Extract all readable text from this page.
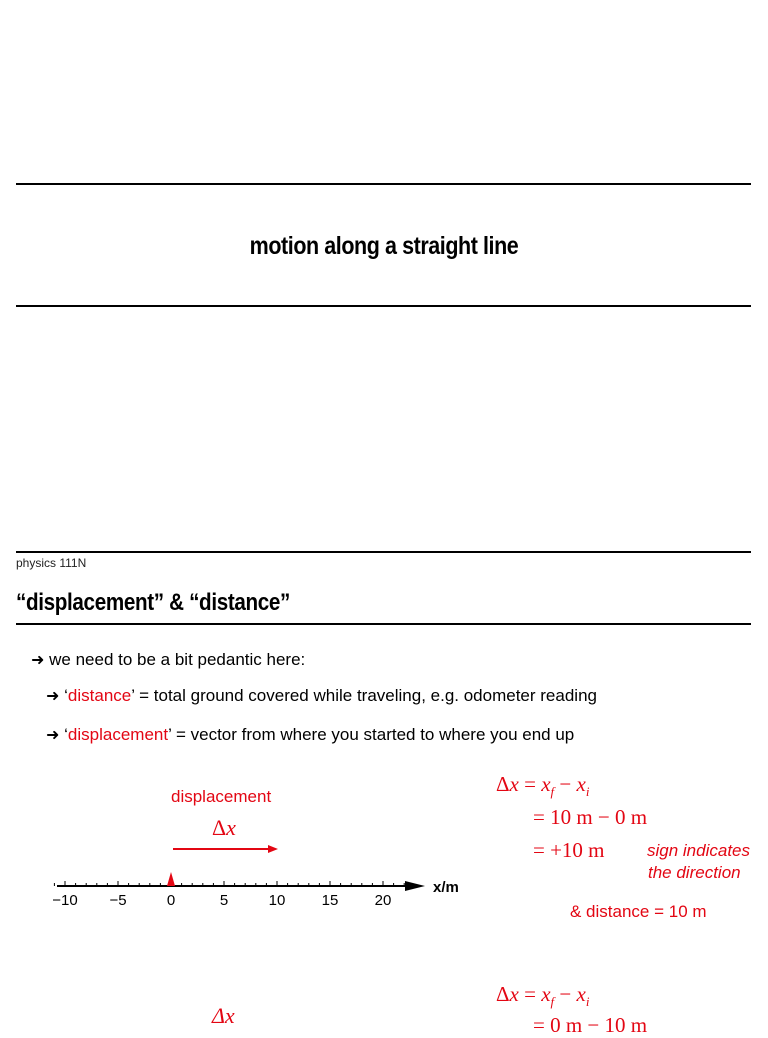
motion along a straight line
physics 111N
“displacement” & “distance”
➜ we need to be a bit pedantic here:
➜ ‘distance’ = total ground covered while traveling, e.g. odometer reading
➜ ‘displacement’ = vector from where you started to where you end up
displacement
Δx
−10 −5	0	5	10 15 20
x/m
$\Delta x = x_f - x_i$
= 10 m − 0 m
= +10 m sign indicates
the direction
& distance = 10 m
$\Delta x = x_f - x_i$
= 0 m − 10 m
Δx
